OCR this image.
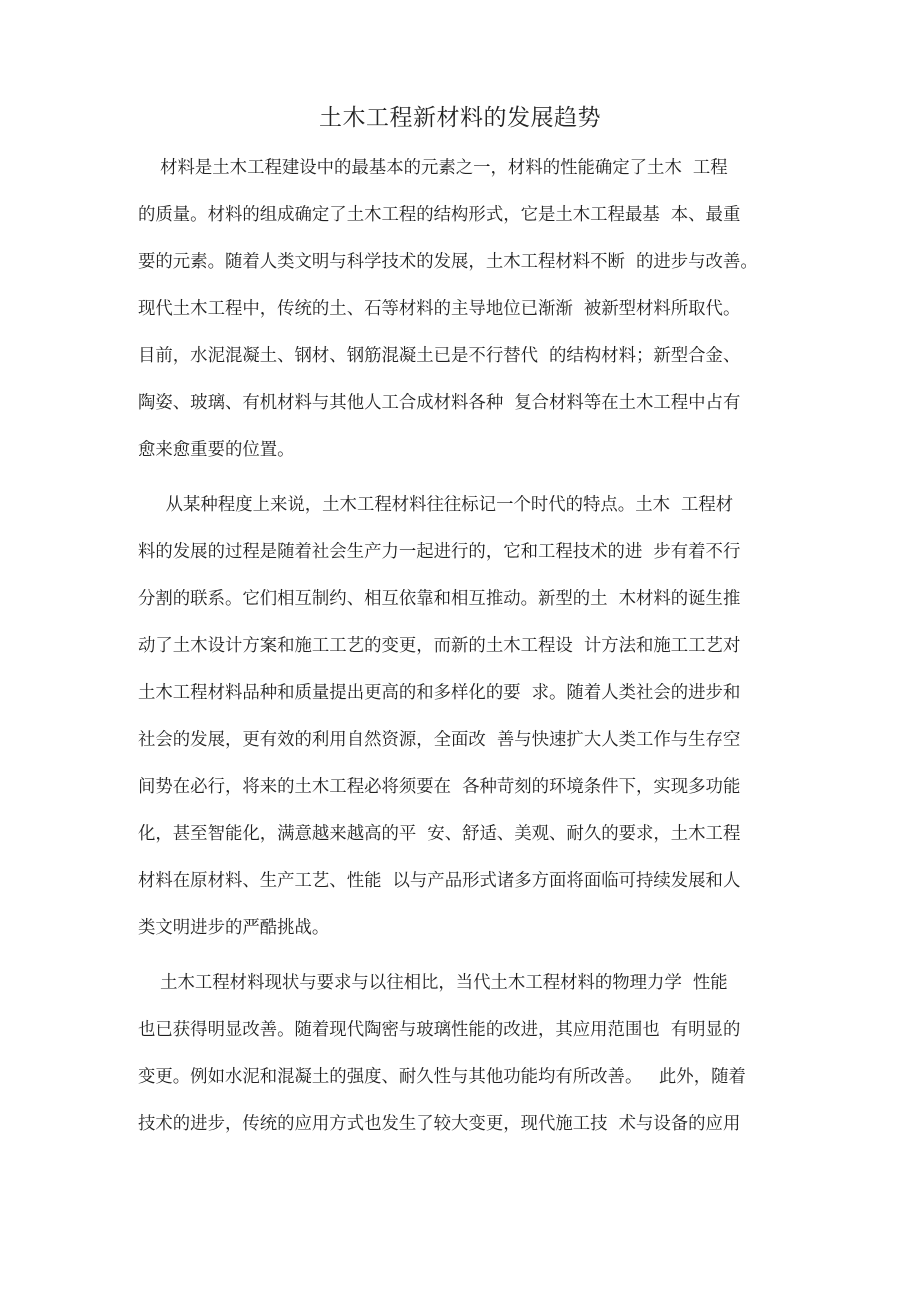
土木工程新材料的发展趋势
材料是土木工程建设中的最基本的元素之一，材料的性能确定了土木  工程
的质量。材料的组成确定了土木工程的结构形式，它是土木工程最基  本、最重
要的元素。随着人类文明与科学技术的发展，土木工程材料不断  的进步与改善。
现代土木工程中，传统的土、石等材料的主导地位已渐渐  被新型材料所取代。
目前，水泥混凝土、钢材、钢筋混凝土已是不行替代  的结构材料；新型合金、
陶姿、玻璃、有机材料与其他人工合成材料各种  复合材料等在土木工程中占有
愈来愈重要的位置。
从某种程度上来说，土木工程材料往往标记一个时代的特点。土木  工程材
料的发展的过程是随着社会生产力一起进行的，它和工程技术的进  步有着不行
分割的联系。它们相互制约、相互依靠和相互推动。新型的土  木材料的诞生推
动了土木设计方案和施工工艺的变更，而新的土木工程设  计方法和施工工艺对
土木工程材料品种和质量提出更高的和多样化的要  求。随着人类社会的进步和
社会的发展，更有效的利用自然资源，全面改  善与快速扩大人类工作与生存空
间势在必行，将来的土木工程必将须要在  各种苛刻的环境条件下，实现多功能
化，甚至智能化，满意越来越高的平  安、舒适、美观、耐久的要求，土木工程
材料在原材料、生产工艺、性能  以与产品形式诸多方面将面临可持续发展和人
类文明进步的严酷挑战。
土木工程材料现状与要求与以往相比，当代土木工程材料的物理力学  性能
也已获得明显改善。随着现代陶密与玻璃性能的改进，其应用范围也  有明显的
变更。例如水泥和混凝土的强度、耐久性与其他功能均有所改善。   此外，随着
技术的进步，传统的应用方式也发生了较大变更，现代施工技  术与设备的应用
